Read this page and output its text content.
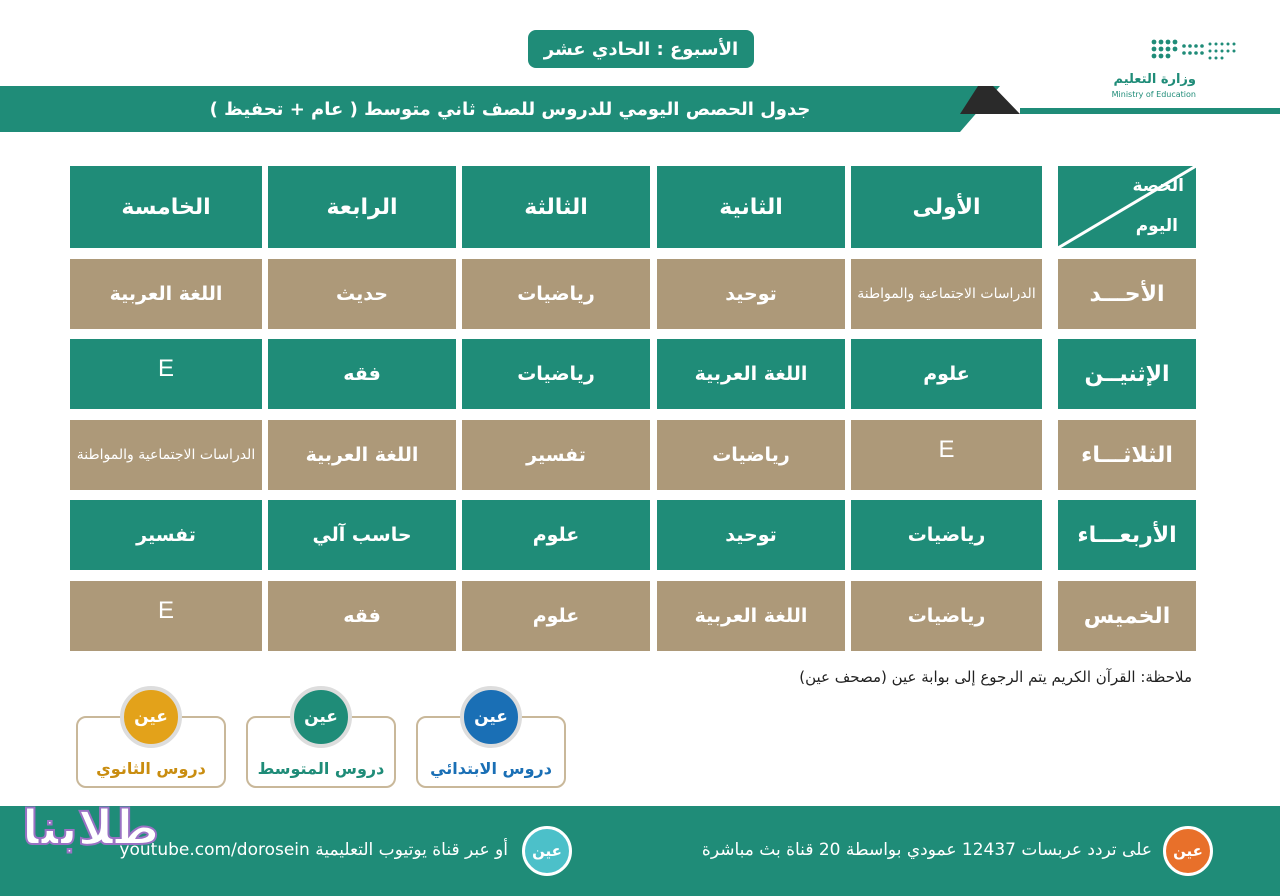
الأسبوع : الحادي عشر
وزارة التعليم
Ministry of Education
جدول الحصص اليومي للدروس للصف ثاني متوسط ( عام + تحفيظ )
الحصة
اليوم
الأولى
الثانية
الثالثة
الرابعة
الخامسة
الأحـــد
الدراسات الاجتماعية والمواطنة
توحيد
رياضيات
حديث
اللغة العربية
الإثنيــن
علوم
اللغة العربية
رياضيات
فقه
E
الثلاثـــاء
E
رياضيات
تفسير
اللغة العربية
الدراسات الاجتماعية والمواطنة
الأربعـــاء
رياضيات
توحيد
علوم
حاسب آلي
تفسير
الخميس
رياضيات
اللغة العربية
علوم
فقه
E
ملاحظة: القرآن الكريم يتم الرجوع إلى بوابة عين (مصحف عين)
عين
دروس الابتدائي
عين
دروس المتوسط
عين
دروس الثانوي
عين
على تردد عربسات 12437 عمودي بواسطة 20 قناة بث مباشرة
عين
أو عبر قناة يوتيوب التعليمية youtube.com/dorosein
طلابنا
